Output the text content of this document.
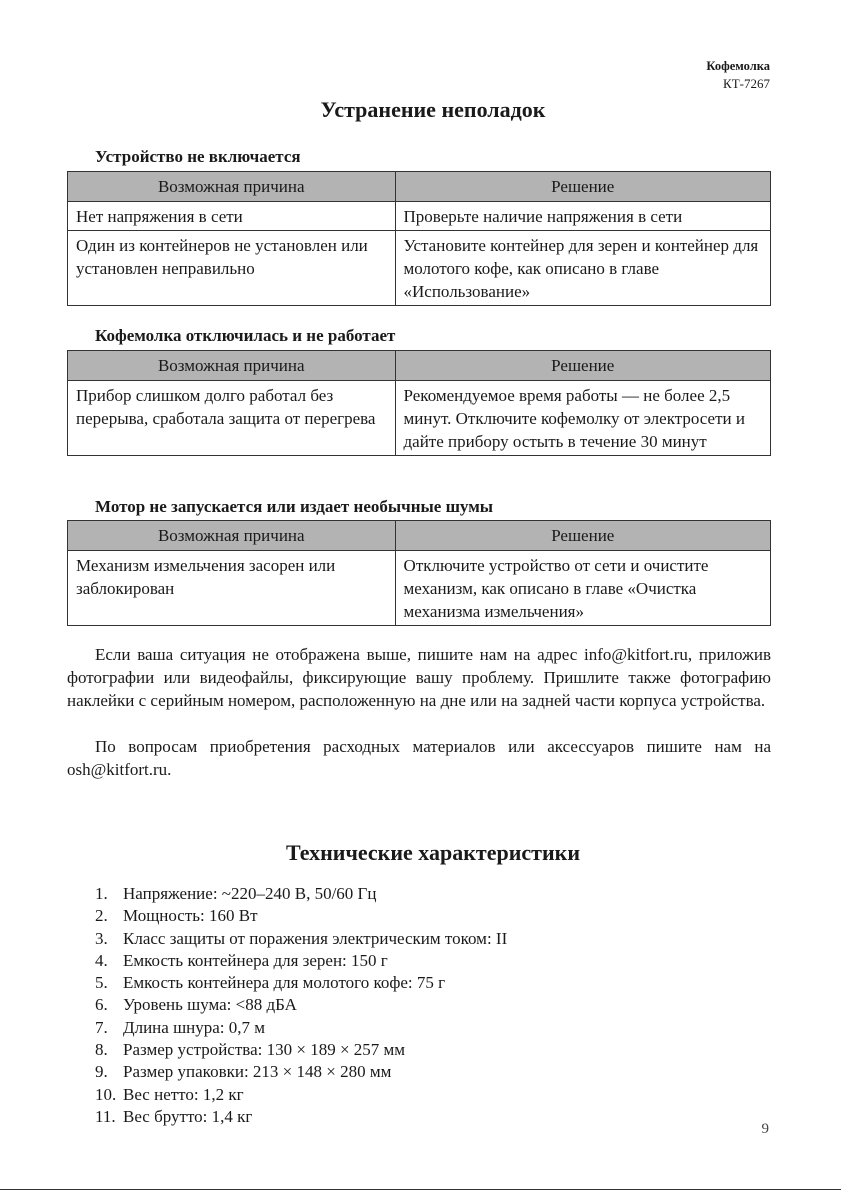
Кофемолка
КТ-7267
Устранение неполадок
Устройство не включается
Возможная причина	Решение
Нет напряжения в сети	Проверьте наличие напряжения в сети
Один из контейнеров не установлен или установлен неправильно	Установите контейнер для зерен и контейнер для молотого кофе, как описано в главе «Использование»
Кофемолка отключилась и не работает
Возможная причина	Решение
Прибор слишком долго работал без перерыва, сработала защита от перегрева	Рекомендуемое время работы — не более 2,5 минут. Отключите кофемолку от электросети и дайте прибору остыть в течение 30 минут
Мотор не запускается или издает необычные шумы
Возможная причина	Решение
Механизм измельчения засорен или заблокирован	Отключите устройство от сети и очистите механизм, как описано в главе «Очистка механизма измельчения»

Если ваша ситуация не отображена выше, пишите нам на адрес info@kitfort.ru, приложив фотографии или видеофайлы, фиксирующие вашу проблему. Пришлите также фотографию наклейки с серийным номером, расположенную на дне или на задней части корпуса устройства.

По вопросам приобретения расходных материалов или аксессуаров пишите нам на osh@kitfort.ru.

Технические характеристики
1. Напряжение: ~220–240 В, 50/60 Гц
2. Мощность: 160 Вт
3. Класс защиты от поражения электрическим током: II
4. Емкость контейнера для зерен: 150 г
5. Емкость контейнера для молотого кофе: 75 г
6. Уровень шума: <88 дБА
7. Длина шнура: 0,7 м
8. Размер устройства: 130 × 189 × 257 мм
9. Размер упаковки: 213 × 148 × 280 мм
10. Вес нетто: 1,2 кг
11. Вес брутто: 1,4 кг
9
